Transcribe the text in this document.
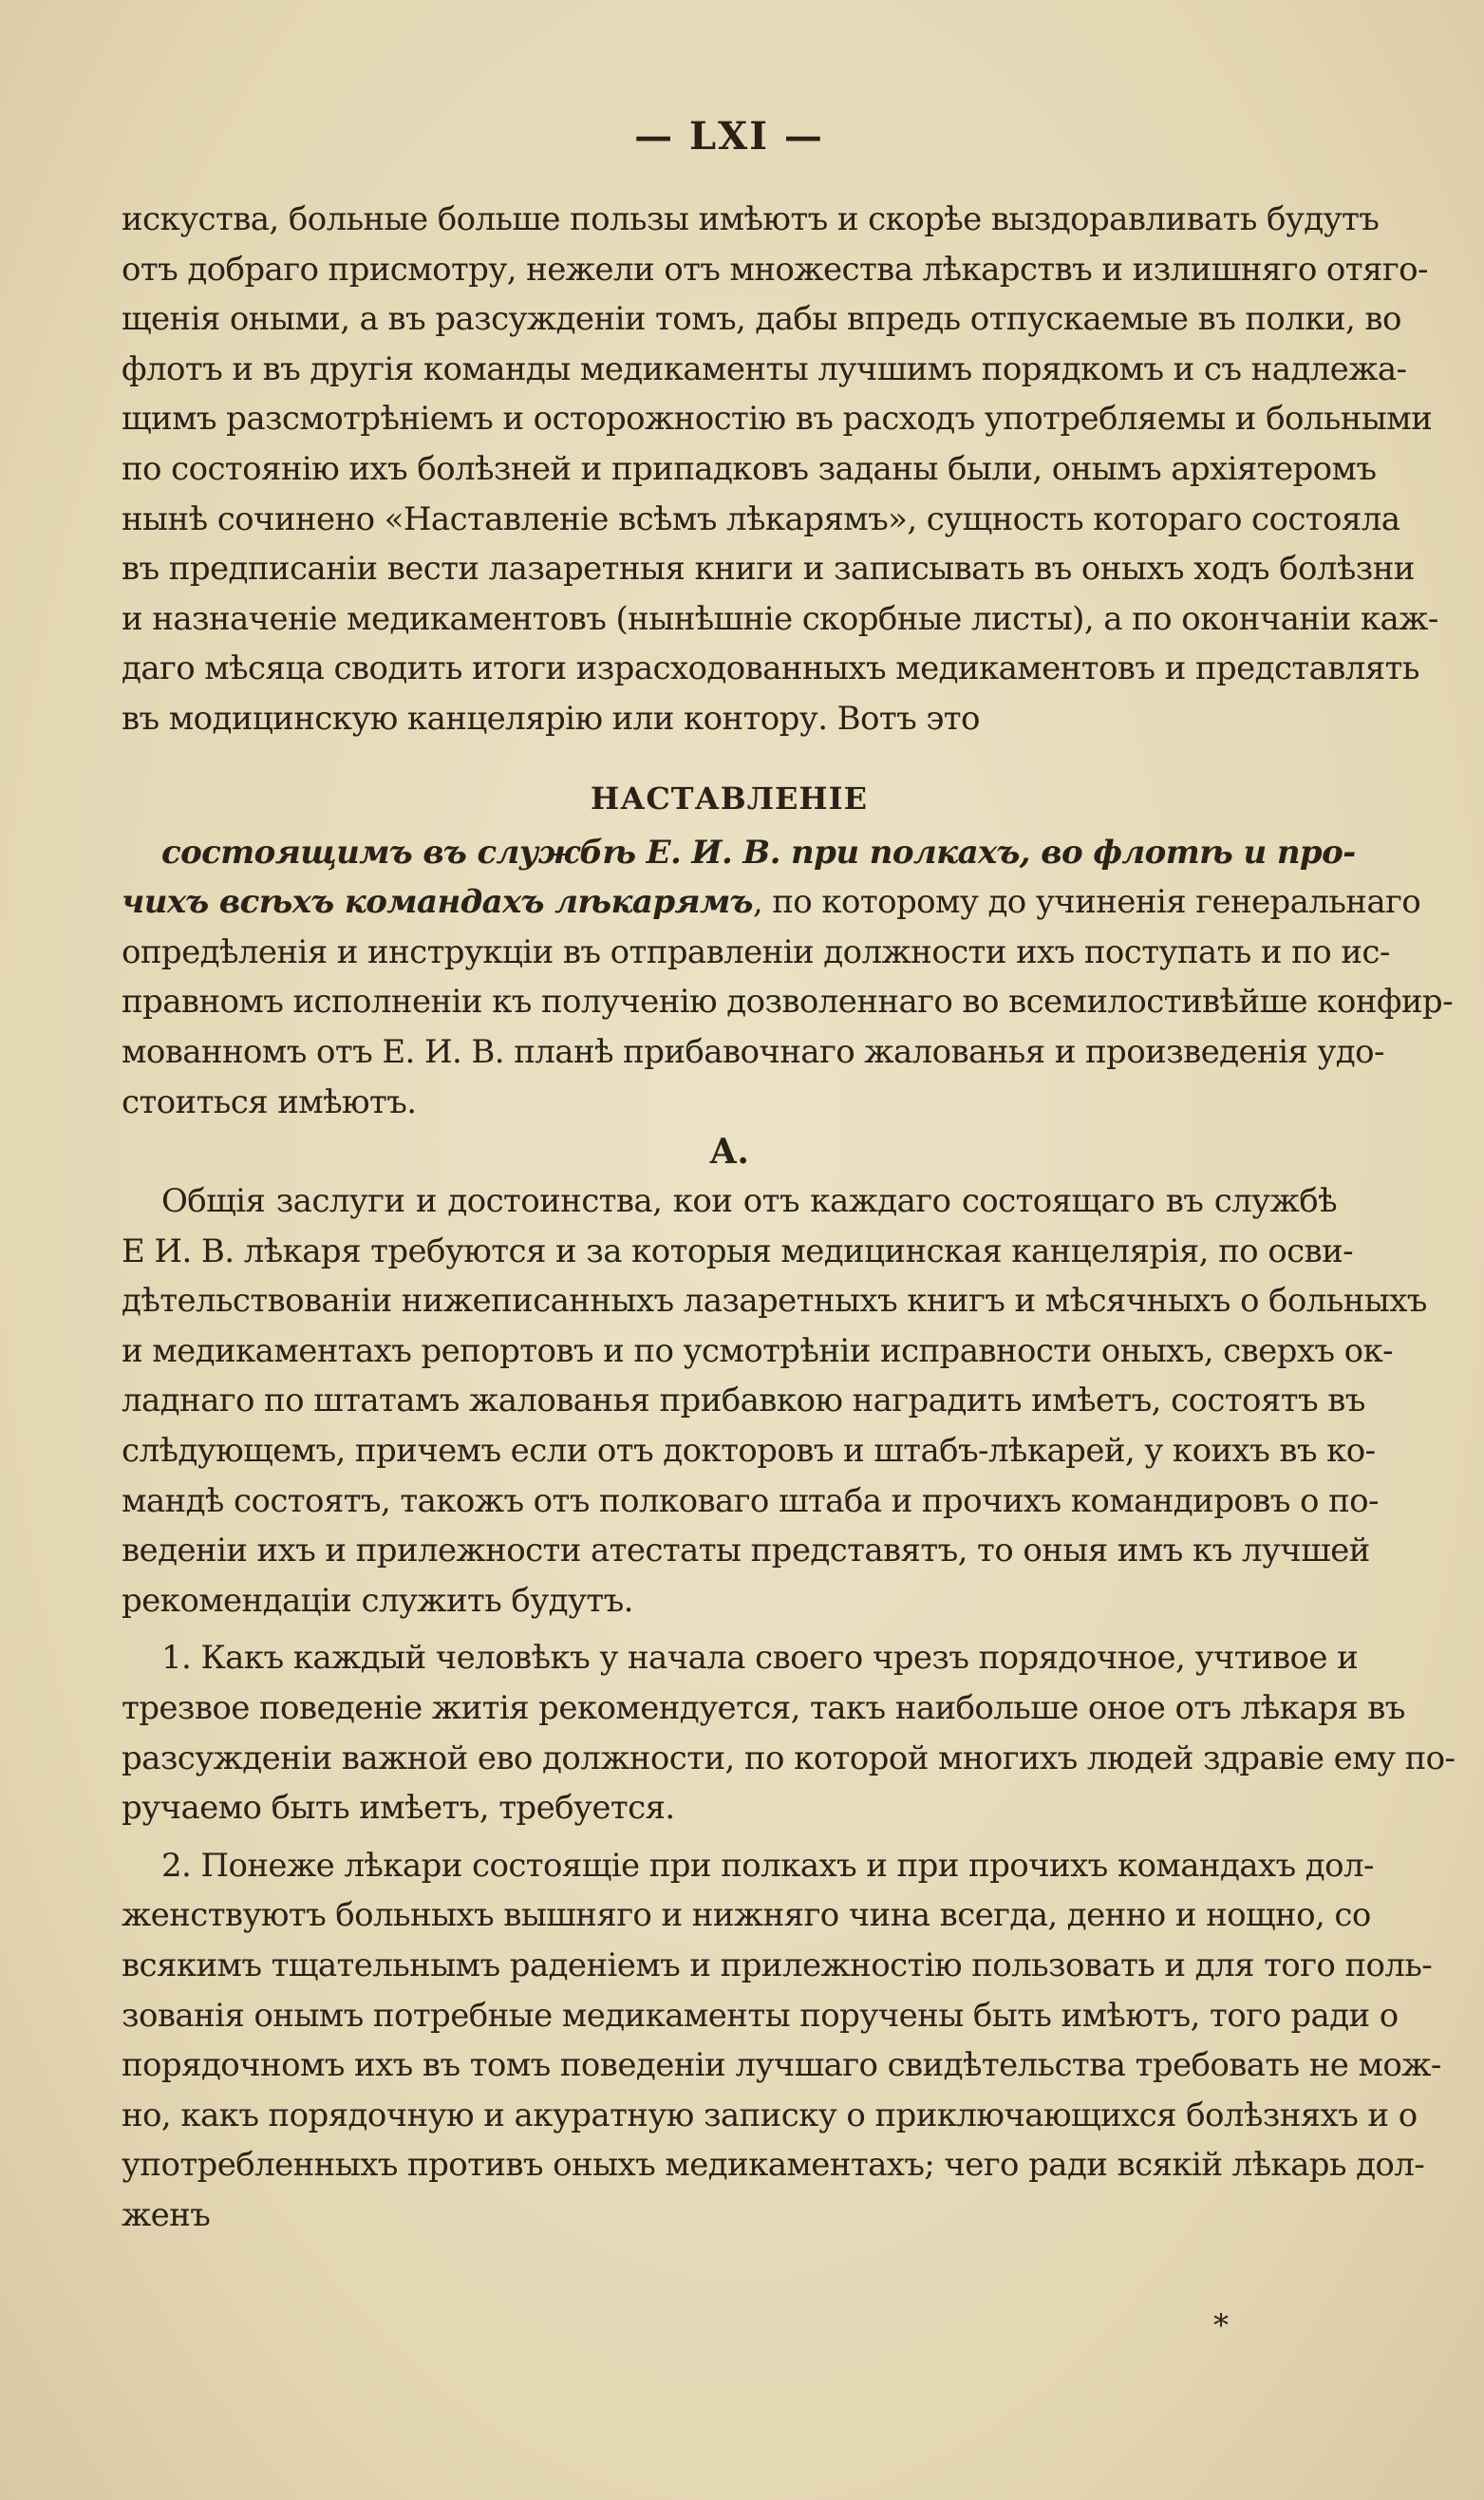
— LXI —
искуства, больные больше пользы имѣютъ и скорѣе выздоравливать будутъ
отъ добраго присмотру, нежели отъ множества лѣкарствъ и излишняго отяго-
щенія оными, а въ разсужденіи томъ, дабы впредь отпускаемые въ полки, во
флотъ и въ другія команды медикаменты лучшимъ порядкомъ и съ надлежа-
щимъ разсмотрѣніемъ и осторожностію въ расходъ употребляемы и больными
по состоянію ихъ болѣзней и припадковъ заданы были, онымъ архіятеромъ
нынѣ сочинено «Наставленіе всѣмъ лѣкарямъ», сущность котораго состояла
въ предписаніи вести лазаретныя книги и записывать въ оныхъ ходъ болѣзни
и назначеніе медикаментовъ (нынѣшніе скорбные листы), а по окончаніи каж-
даго мѣсяца сводить итоги израсходованныхъ медикаментовъ и представлять
въ модицинскую канцелярію или контору. Вотъ это
НАСТАВЛЕНІЕ
состоящимъ въ службѣ Е. И. В. при полкахъ, во флотѣ и про-
чихъ всѣхъ командахъ лѣкарямъ, по которому до учиненія генеральнаго
опредѣленія и инструкціи въ отправленіи должности ихъ поступать и по ис-
правномъ исполненіи къ полученію дозволеннаго во всемилостивѣйше конфир-
мованномъ отъ Е. И. В. планѣ прибавочнаго жалованья и произведенія удо-
стоиться имѣютъ.
А.
Общія заслуги и достоинства, кои отъ каждаго состоящаго въ службѣ
Е И. В. лѣкаря требуются и за которыя медицинская канцелярія, по осви-
дѣтельствованіи нижеписанныхъ лазаретныхъ книгъ и мѣсячныхъ о больныхъ
и медикаментахъ репортовъ и по усмотрѣніи исправности оныхъ, сверхъ ок-
ладнаго по штатамъ жалованья прибавкою наградить имѣетъ, состоятъ въ
слѣдующемъ, причемъ если отъ докторовъ и штабъ-лѣкарей, у коихъ въ ко-
мандѣ состоятъ, такожъ отъ полковаго штаба и прочихъ командировъ о по-
веденіи ихъ и прилежности атестаты представятъ, то оныя имъ къ лучшей
рекомендаціи служить будутъ.
1. Какъ каждый человѣкъ у начала своего чрезъ порядочное, учтивое и
трезвое поведеніе житія рекомендуется, такъ наибольше оное отъ лѣкаря въ
разсужденіи важной ево должности, по которой многихъ людей здравіе ему по-
ручаемо быть имѣетъ, требуется.
2. Понеже лѣкари состоящіе при полкахъ и при прочихъ командахъ дол-
женствуютъ больныхъ вышняго и нижняго чина всегда, денно и нощно, со
всякимъ тщательнымъ раденіемъ и прилежностію пользовать и для того поль-
зованія онымъ потребные медикаменты поручены быть имѣютъ, того ради о
порядочномъ ихъ въ томъ поведеніи лучшаго свидѣтельства требовать не мож-
но, какъ порядочную и акуратную записку о приключающихся болѣзняхъ и о
употребленныхъ противъ оныхъ медикаментахъ; чего ради всякій лѣкарь дол-
женъ
*
